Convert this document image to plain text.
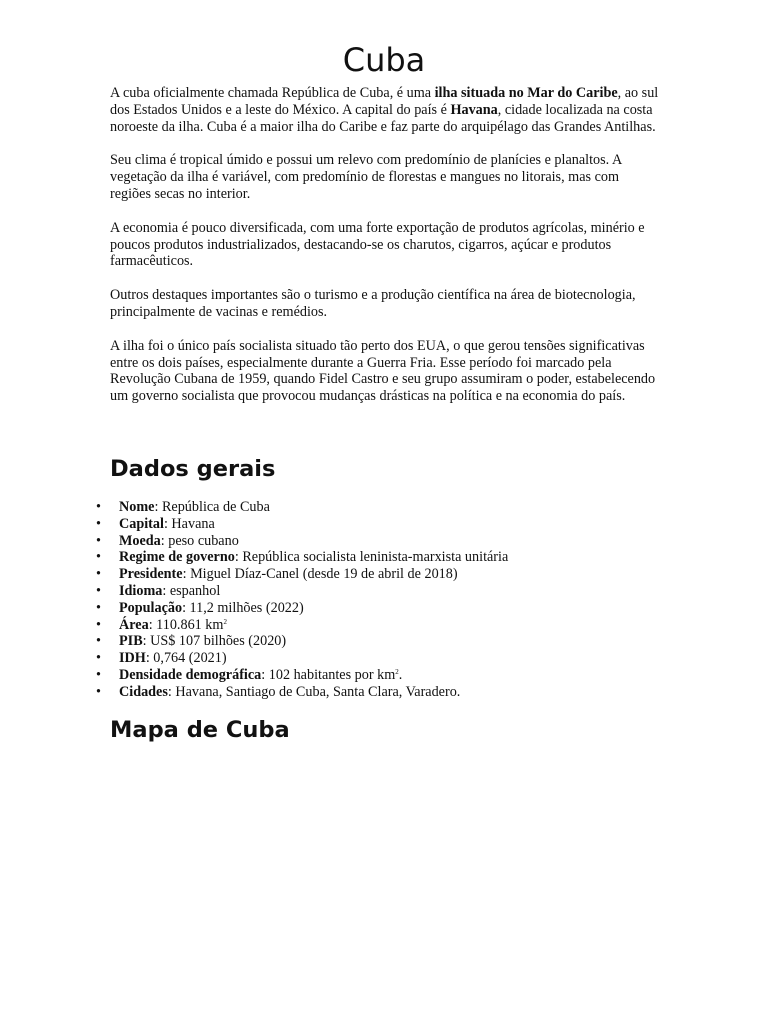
Cuba

A cuba oficialmente chamada República de Cuba, é uma ilha situada no Mar do Caribe, ao sul dos Estados Unidos e a leste do México. A capital do país é Havana, cidade localizada na costa noroeste da ilha. Cuba é a maior ilha do Caribe e faz parte do arquipélago das Grandes Antilhas.

Seu clima é tropical úmido e possui um relevo com predomínio de planícies e planaltos. A vegetação da ilha é variável, com predomínio de florestas e mangues no litorais, mas com regiões secas no interior.

A economia é pouco diversificada, com uma forte exportação de produtos agrícolas, minério e poucos produtos industrializados, destacando-se os charutos, cigarros, açúcar e produtos farmacêuticos.

Outros destaques importantes são o turismo e a produção científica na área de biotecnologia, principalmente de vacinas e remédios.

A ilha foi o único país socialista situado tão perto dos EUA, o que gerou tensões significativas entre os dois países, especialmente durante a Guerra Fria. Esse período foi marcado pela Revolução Cubana de 1959, quando Fidel Castro e seu grupo assumiram o poder, estabelecendo um governo socialista que provocou mudanças drásticas na política e na economia do país.

Dados gerais
• Nome: República de Cuba
• Capital: Havana
• Moeda: peso cubano
• Regime de governo: República socialista leninista-marxista unitária
• Presidente: Miguel Díaz-Canel (desde 19 de abril de 2018)
• Idioma: espanhol
• População: 11,2 milhões (2022)
• Área: 110.861 $km^2$
• PIB: US$ 107 bilhões (2020)
• IDH: 0,764 (2021)
• Densidade demográfica: 102 habitantes por $km^2$.
• Cidades: Havana, Santiago de Cuba, Santa Clara, Varadero.
Mapa de Cuba
